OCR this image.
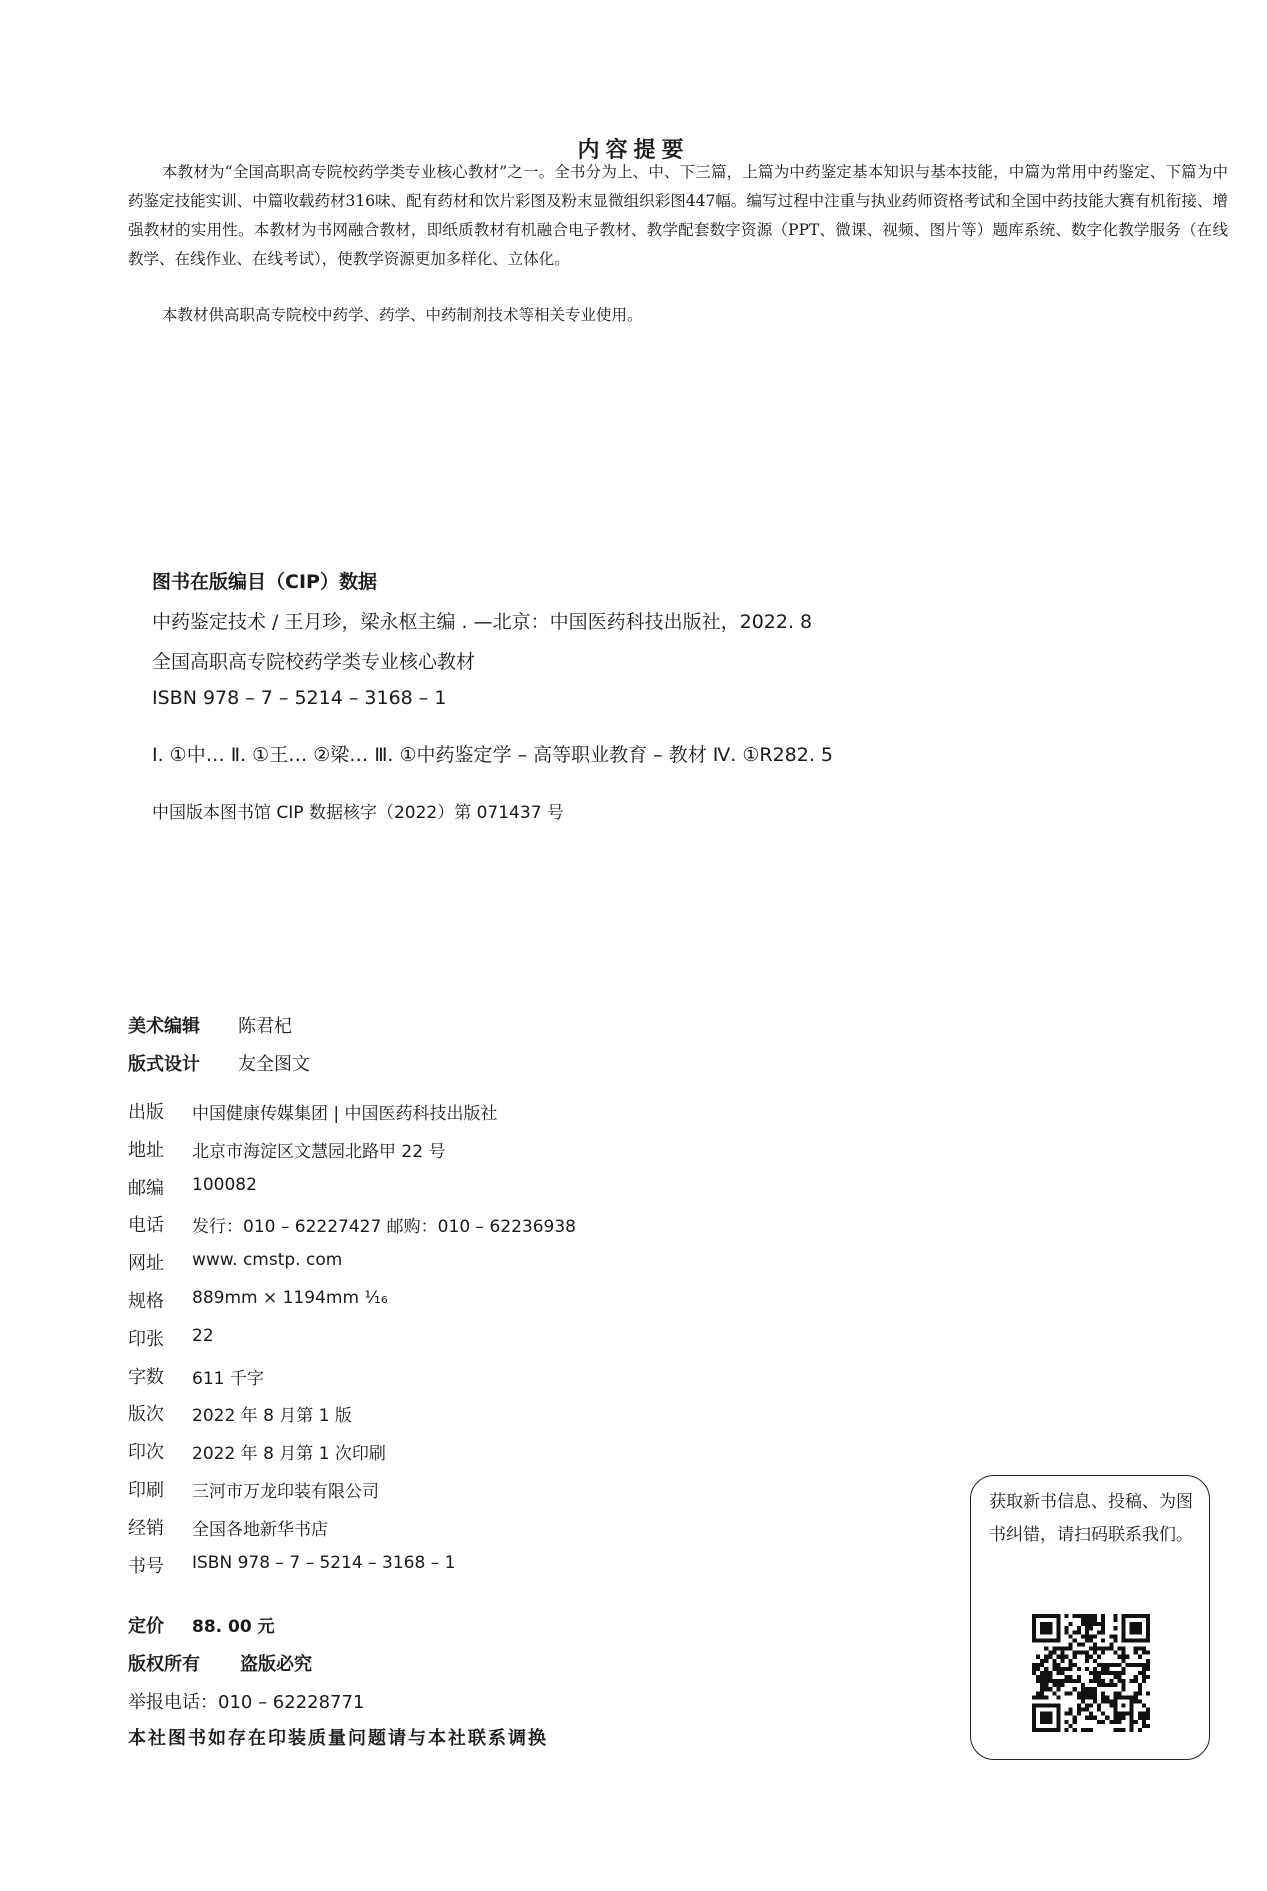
内容提要

本教材为“全国高职高专院校药学类专业核心教材”之一。全书分为上、中、下三篇，上篇为中药鉴定基本知识与基本技能，中篇为常用中药鉴定、下篇为中药鉴定技能实训、中篇收载药材316味、配有药材和饮片彩图及粉末显微组织彩图447幅。编写过程中注重与执业药师资格考试和全国中药技能大赛有机衔接、增强教材的实用性。本教材为书网融合教材，即纸质教材有机融合电子教材、教学配套数字资源（PPT、微课、视频、图片等）题库系统、数字化教学服务（在线教学、在线作业、在线考试），使教学资源更加多样化、立体化。

本教材供高职高专院校中药学、药学、中药制剂技术等相关专业使用。

图书在版编目（CIP）数据
中药鉴定技术 / 王月珍，梁永枢主编 . —北京：中国医药科技出版社，2022. 8
全国高职高专院校药学类专业核心教材
ISBN 978 – 7 – 5214 – 3168 – 1
Ⅰ. ①中… Ⅱ. ①王… ②梁… Ⅲ. ①中药鉴定学 – 高等职业教育 – 教材 Ⅳ. ①R282. 5
中国版本图书馆 CIP 数据核字（2022）第 071437 号
美术编辑 陈君杞
版式设计 友全图文
出版 中国健康传媒集团 | 中国医药科技出版社
地址 北京市海淀区文慧园北路甲 22 号
邮编 100082
电话 发行：010 – 62227427 邮购：010 – 62236938
网址 www. cmstp. com
规格 889mm × 1194mm ¹⁄₁₆
印张 22
字数 611 千字
版次 2022 年 8 月第 1 版
印次 2022 年 8 月第 1 次印刷
印刷 三河市万龙印装有限公司
经销 全国各地新华书店
书号 ISBN 978 – 7 – 5214 – 3168 – 1
定价 88. 00 元
版权所有 盗版必究
举报电话：010 – 62228771
本社图书如存在印装质量问题请与本社联系调换
获取新书信息、投稿、为图书纠错，请扫码联系我们。
